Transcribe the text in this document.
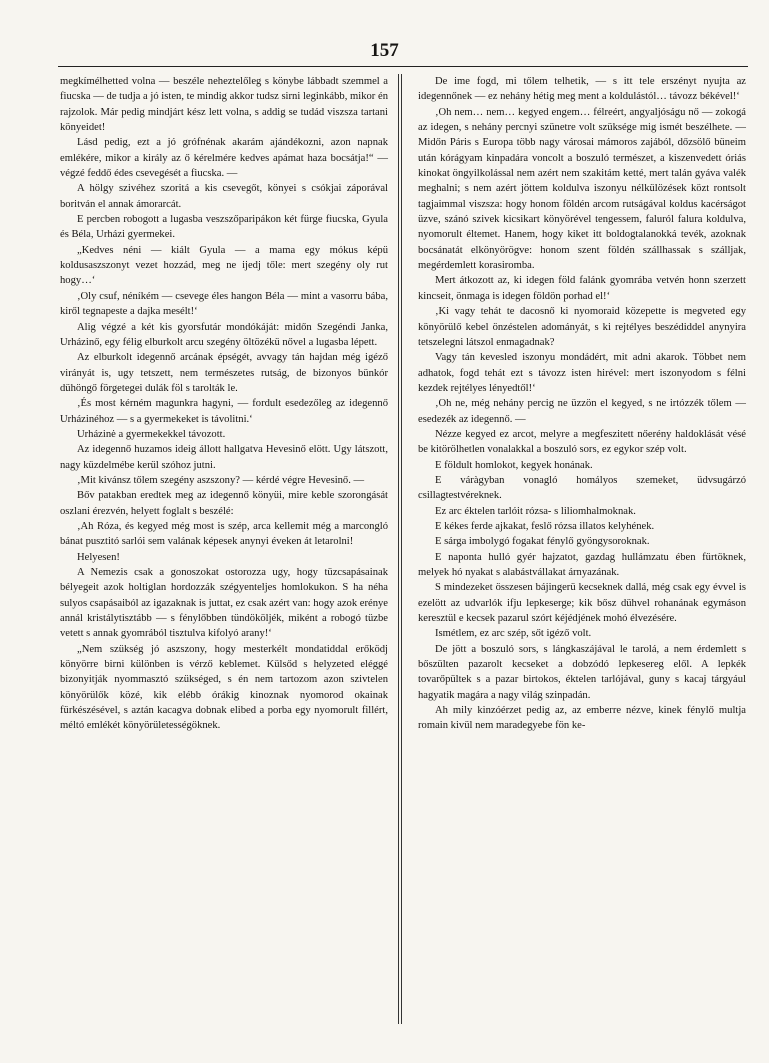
157

megkímélhetted volna — beszéle neheztelőleg s könybe lábbadt szemmel a fiucska — de tudja a jó isten, te mindig akkor tudsz sirni leginkább, mikor én rajzolok. Már pedig mindjárt kész lett volna, s addig se tudád viszsza tartani könyeidet!

Lásd pedig, ezt a jó grófnénak akarám ajándékozni, azon napnak emlékére, mikor a király az ő kérelmére kedves apámat haza bocsátja!“ — végzé feddő édes csevegését a fiucska. —

A hölgy szivéhez szoritá a kis csevegőt, könyei s csókjai záporával boritván el annak ámorarcát.

E percben robogott a lugasba veszszőparipákon két fürge fiucska, Gyula és Béla, Urházi gyermekei.

„Kedves néni — kiált Gyula — a mama egy mókus képü koldusaszszonyt vezet hozzád, meg ne ijedj tőle: mert szegény oly rut hogy…‘

‚Oly csuf, néníkém — csevege éles hangon Béla — mint a vasorru bába, kiről tegnapeste a dajka mesélt!‘

Alig végzé a két kis gyorsfutár mondókáját: midőn Szegéndi Janka, Urházinő, egy félig elburkolt arcu szegény öltözékü nővel a lugasba lépett.

Az elburkolt idegennő arcának épségét, avvagy tán hajdan még igéző virányát is, ugy tetszett, nem természetes rutság, de bizonyos bünkór dühöngő förgetegei dulák föl s tarolták le.

‚És most kérném magunkra hagyni, — fordult esedezőleg az idegennő Urházinéhoz — s a gyermekeket is távolitni.‘

Urházinė a gyermekekkel távozott.

Az idegennő huzamos ideig állott hallgatva Hevesinő elött. Ugy látszott, nagy küzdelmébe kerül szóhoz jutni.

‚Mit kivánsz tőlem szegény aszszony? — kérdé végre Hevesinő. —

Bőv patakban eredtek meg az idegennő könyüi, mire keble szorongását oszlani érezvén, helyett foglalt s beszélé:

‚Ah Róza, és kegyed még most is szép, arca kellemit még a marcongló bánat pusztitó sarlói sem valának képesek anynyi éveken át letarolni!

Helyesen!

A Nemezis csak a gonoszokat ostorozza ugy, hogy tüzcsapásainak bélyegeit azok holtiglan hordozzák szégyenteljes homlokukon. S ha néha sulyos csapásaiból az igazaknak is juttat, ez csak azért van: hogy azok erénye annál kristálytisztább — s fénylőbben tündököljék, miként a robogó tüzbe vetett s annak gyomrából tisztulva kifolyó arany!‘

„Nem szükség jó aszszony, hogy mesterkélt mondatiddal erőködj könyörre birni különben is vérző keblemet. Külsőd s helyzeted eléggé bizonyitják nyommasztó szükséged, s én nem tartozom azon szivtelen könyörülők közé, kik elébb órákig kinoznak nyomorod okainak fürkészésével, s aztán kacagva dobnak elibed a porba egy nyomorult fillért, méltó emlékét könyörületességöknek.

De ime fogd, mi tőlem telhetik, — s itt tele erszényt nyujta az idegennőnek — ez nehány hétig meg ment a koldulástól… távozz békével!‘

‚Oh nem… nem… kegyed engem… félreért, angyaljóságu nő — zokogá az idegen, s nehány percnyi szünetre volt szüksége mig ismét beszélhete. — Midőn Páris s Europa több nagy városai mámoros zajából, dőzsölő büneim után kórágyam kinpadára voncolt a boszuló természet, a kiszenvedett óriás kinokat öngyilkolással nem azért nem szakitám ketté, mert talán gyáva valék meghalni; s nem azért jöttem koldulva iszonyu nélkülözések közt rontsolt tagjaimmal viszsza: hogy honom földén arcom rutságával koldus kacérságot üzve, szánó szivek kicsikart könyörével tengessem, faluról falura koldulva, nyomorult éltemet. Hanem, hogy kiket itt boldogtalanokká tevék, azoknak bocsánatát elkönyörögve: honom szent földén szállhassak s szálljak, megérdemlett korasiromba.

Mert átkozott az, ki idegen föld falánk gyomrába vetvén honn szerzett kincseit, önmaga is idegen földön porhad el!‘

‚Ki vagy tehát te dacosnő ki nyomoraid közepette is megveted egy könyörülő kebel önzéstelen adományát, s ki rejtélyes beszédiddel anynyira tetszelegni látszol enmagadnak?

Vagy tán kevesled iszonyu mondádért, mit adni akarok. Többet nem adhatok, fogd tehát ezt s távozz isten hirével: mert iszonyodom s félni kezdek rejtélyes lényedtől!‘

‚Oh ne, még nehány percig ne üzzön el kegyed, s ne irtózzék tőlem — esedezék az idegennő. —

Nézze kegyed ez arcot, melyre a megfeszitett nőerény haldoklását vésé be kitörölhetlen vonalakkal a boszuló sors, ez egykor szép volt.

E földult homlokot, kegyek honának.

E váràgyban vonagló homályos szemeket, üdvsugárzó csillagtestvéreknek.

Ez arc éktelen tarlóit rózsa- s liliomhalmoknak.

E kékes ferde ajkakat, feslő rózsa illatos kelyhének.

E sárga imbolygó fogakat fénylő gyöngysoroknak.

E naponta hulló gyér hajzatot, gazdag hullámzatu ében fürtöknek, melyek hó nyakat s alabástvállakat árnyazának.

S mindezeket összesen bájingerü kecseknek dallá, még csak egy évvel is ezelött az udvarlók ifju lepkeserge; kik bősz dühvel rohanának egymáson keresztül e kecsek pazarul szórt kéjédjének mohó élvezésére.

Ismétlem, ez arc szép, sőt igéző volt.

De jött a boszuló sors, s lángkaszájával le tarolá, a nem érdemlett s bőszülten pazarolt kecseket a dobzódó lepkesereg elől. A lepkék tovarőpültek s a pazar birtokos, éktelen tarlójával, guny s kacaj tárgyául hagyatik magára a nagy világ szinpadán.

Ah mily kinzóérzet pedig az, az emberre nézve, kinek fénylő multja romain kivül nem maradegyebe fön ke-
